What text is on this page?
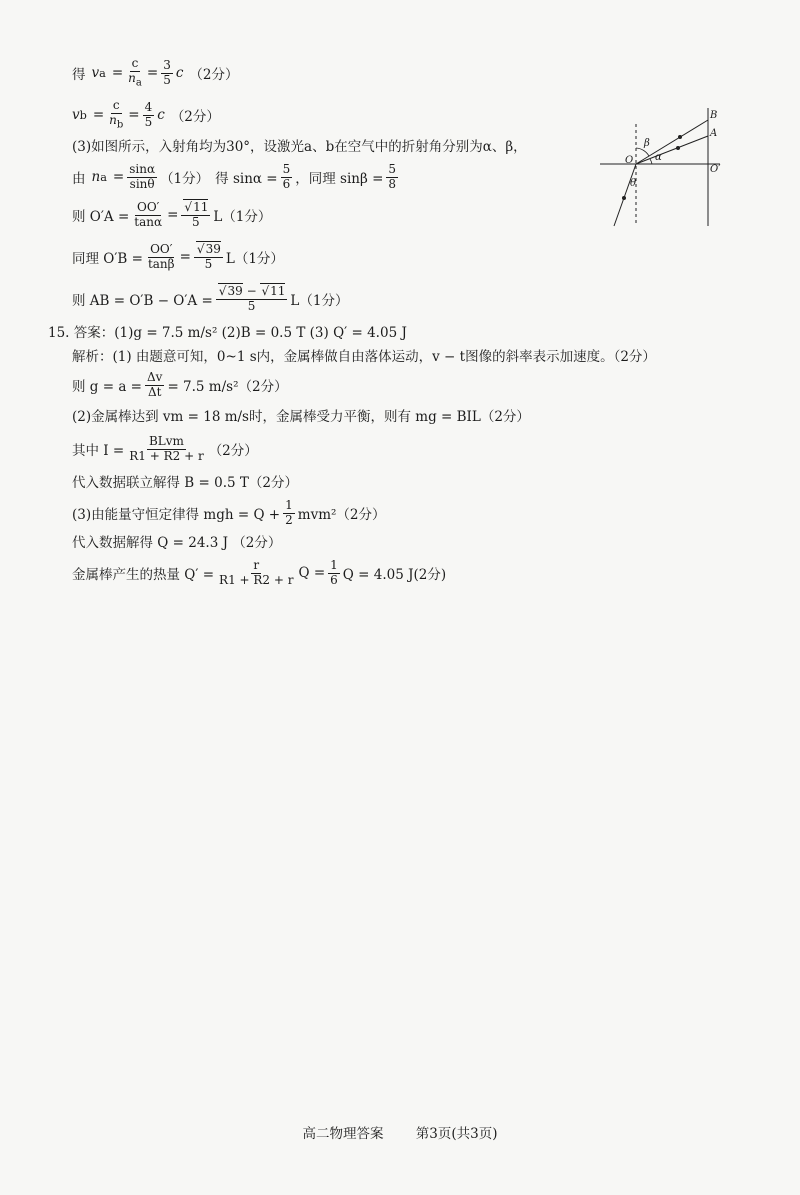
得 v $a = \frac{c}{n_a} = \frac{3}{5}$ c （2分）
v $b = \frac{c}{n_b} = \frac{4}{5}$ c （2分）
(3)如图所示，入射角均为30°，设激光a、b在空气中的折射角分别为α、β，
由 n $a = \frac{\sin\alpha}{\sin\theta} (1$分） 得 $\sin\alpha = \frac{5}{6}$ ，同理 $\sin\beta = \frac{5}{8}$
则 $O'A = \frac{OO'}{\tan\alpha}$ = √ $\frac{11}{5} L(1$分）
同理 $O'B = \frac{OO'}{\tan\beta}$ = √ $\frac{39}{5} L(1$分）
则 AB = O′B − O′A = √ $\frac{39 - √ 11}{5} L(1$分）
15. 答案：(1)g = 7.5 m/s² (2)B = 0.5 T (3) Q′ = 4.05 J
解析：(1) 由题意可知，0~1 s内，金属棒做自由落体运动，v − t图像的斜率表示加速度。（2分）
则 $g = a = \frac{\Delta v}{\Delta t} = 7.5$ m/s²（2分）
(2)金属棒达到 vm = 18 m/s时，金属棒受力平衡，则有 mg = BIL（2分）
其中 $I = \frac{\text{BLvm}}{R1 + R2 + r} (2$分）
代入数据联立解得 B = 0.5 T（2分）
(3)由能量守恒定律得 mgh = $Q + \frac{1}{2} mvm^2(2$分）
代入数据解得 Q = 24.3 J （2分）
金属棒产生的热量 $Q' = \frac{r}{R1 + R2 + r}$ $Q = \frac{1}{6}$ Q = 4.05 J(2分)
B
A
O
O′
β
α
θ
高二物理答案 第3页(共3页)
